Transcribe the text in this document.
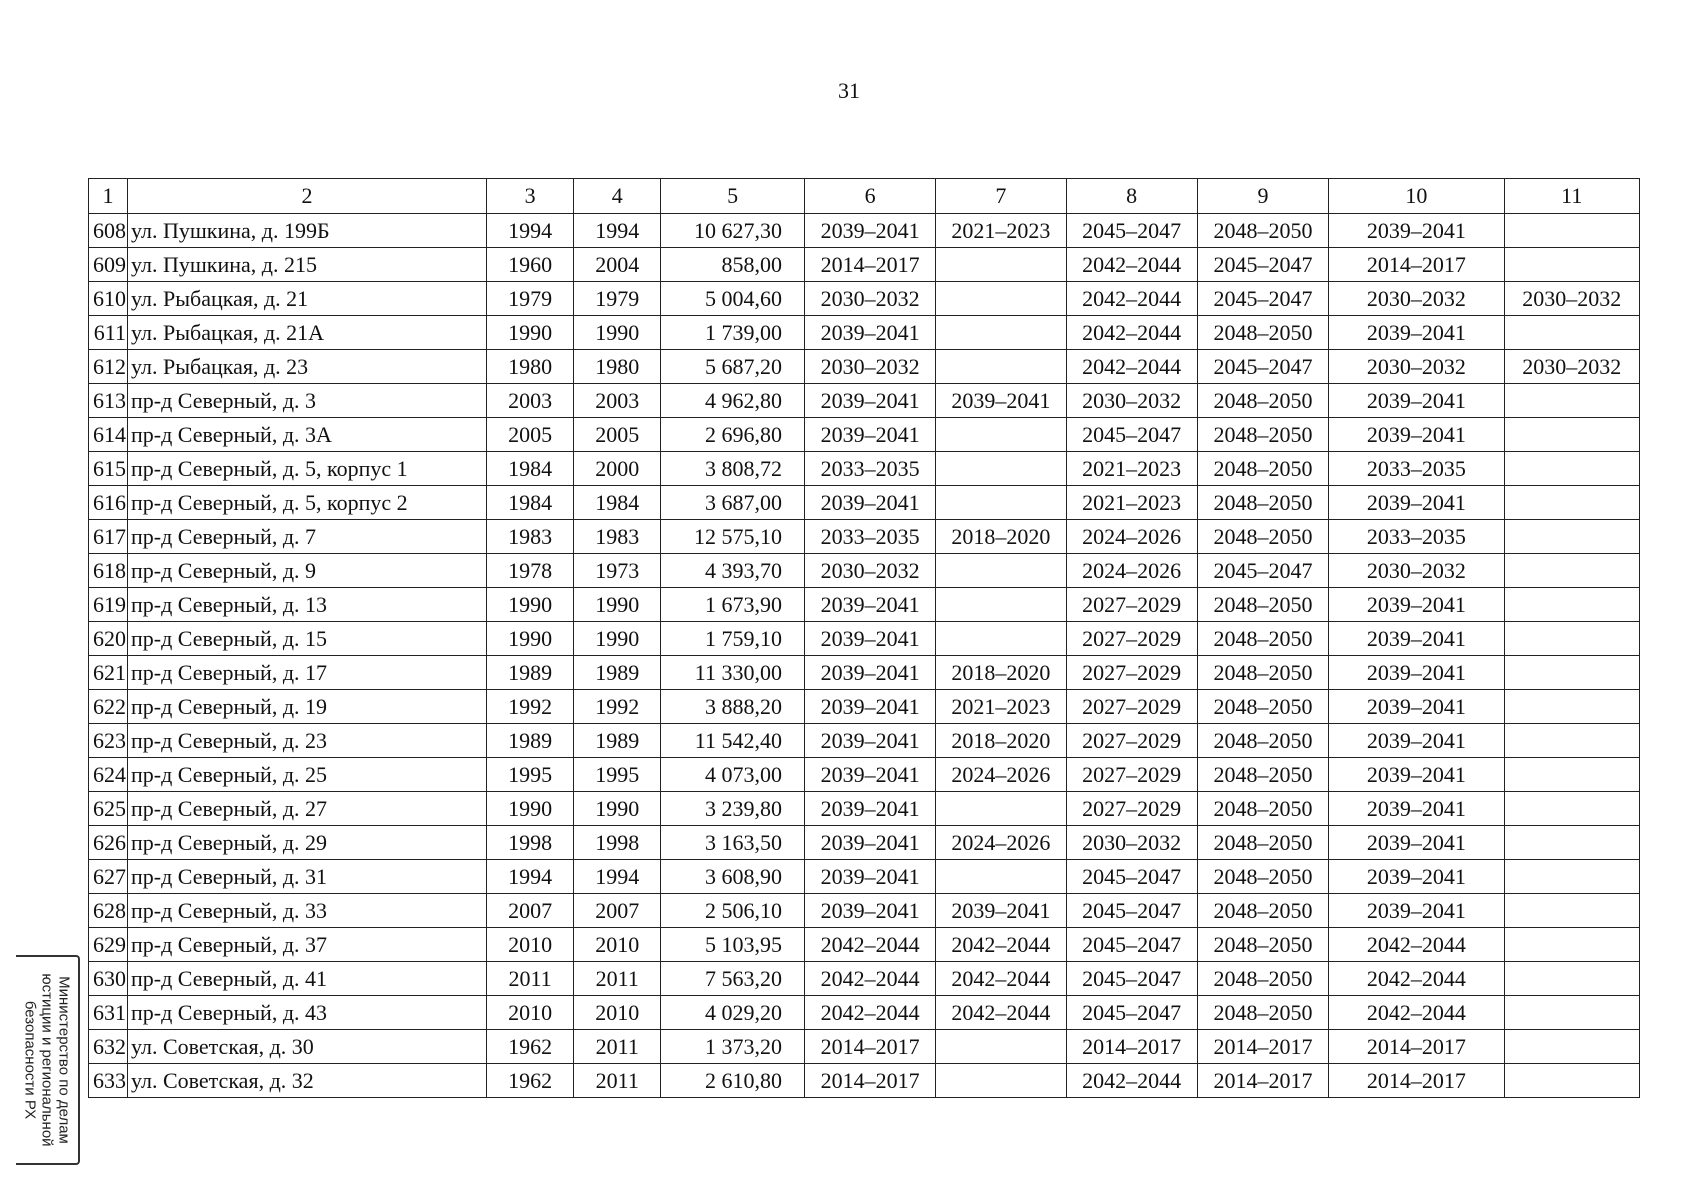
31
1	2	3	4	5	6	7	8	9	10	11
608	ул. Пушкина, д. 199Б	1994	1994	10 627,30	2039–2041	2021–2023	2045–2047	2048–2050	2039–2041	
609	ул. Пушкина, д. 215	1960	2004	858,00	2014–2017		2042–2044	2045–2047	2014–2017	
610	ул. Рыбацкая, д. 21	1979	1979	5 004,60	2030–2032		2042–2044	2045–2047	2030–2032	2030–2032
611	ул. Рыбацкая, д. 21А	1990	1990	1 739,00	2039–2041		2042–2044	2048–2050	2039–2041	
612	ул. Рыбацкая, д. 23	1980	1980	5 687,20	2030–2032		2042–2044	2045–2047	2030–2032	2030–2032
613	пр-д Северный, д. 3	2003	2003	4 962,80	2039–2041	2039–2041	2030–2032	2048–2050	2039–2041	
614	пр-д Северный, д. 3А	2005	2005	2 696,80	2039–2041		2045–2047	2048–2050	2039–2041	
615	пр-д Северный, д. 5, корпус 1	1984	2000	3 808,72	2033–2035		2021–2023	2048–2050	2033–2035	
616	пр-д Северный, д. 5, корпус 2	1984	1984	3 687,00	2039–2041		2021–2023	2048–2050	2039–2041	
617	пр-д Северный, д. 7	1983	1983	12 575,10	2033–2035	2018–2020	2024–2026	2048–2050	2033–2035	
618	пр-д Северный, д. 9	1978	1973	4 393,70	2030–2032		2024–2026	2045–2047	2030–2032	
619	пр-д Северный, д. 13	1990	1990	1 673,90	2039–2041		2027–2029	2048–2050	2039–2041	
620	пр-д Северный, д. 15	1990	1990	1 759,10	2039–2041		2027–2029	2048–2050	2039–2041	
621	пр-д Северный, д. 17	1989	1989	11 330,00	2039–2041	2018–2020	2027–2029	2048–2050	2039–2041	
622	пр-д Северный, д. 19	1992	1992	3 888,20	2039–2041	2021–2023	2027–2029	2048–2050	2039–2041	
623	пр-д Северный, д. 23	1989	1989	11 542,40	2039–2041	2018–2020	2027–2029	2048–2050	2039–2041	
624	пр-д Северный, д. 25	1995	1995	4 073,00	2039–2041	2024–2026	2027–2029	2048–2050	2039–2041	
625	пр-д Северный, д. 27	1990	1990	3 239,80	2039–2041		2027–2029	2048–2050	2039–2041	
626	пр-д Северный, д. 29	1998	1998	3 163,50	2039–2041	2024–2026	2030–2032	2048–2050	2039–2041	
627	пр-д Северный, д. 31	1994	1994	3 608,90	2039–2041		2045–2047	2048–2050	2039–2041	
628	пр-д Северный, д. 33	2007	2007	2 506,10	2039–2041	2039–2041	2045–2047	2048–2050	2039–2041	
629	пр-д Северный, д. 37	2010	2010	5 103,95	2042–2044	2042–2044	2045–2047	2048–2050	2042–2044	
630	пр-д Северный, д. 41	2011	2011	7 563,20	2042–2044	2042–2044	2045–2047	2048–2050	2042–2044	
631	пр-д Северный, д. 43	2010	2010	4 029,20	2042–2044	2042–2044	2045–2047	2048–2050	2042–2044	
632	ул. Советская, д. 30	1962	2011	1 373,20	2014–2017		2014–2017	2014–2017	2014–2017	
633	ул. Советская, д. 32	1962	2011	2 610,80	2014–2017		2042–2044	2014–2017	2014–2017	
Министерство по делам
юстиции и региональной
безопасности РХ
